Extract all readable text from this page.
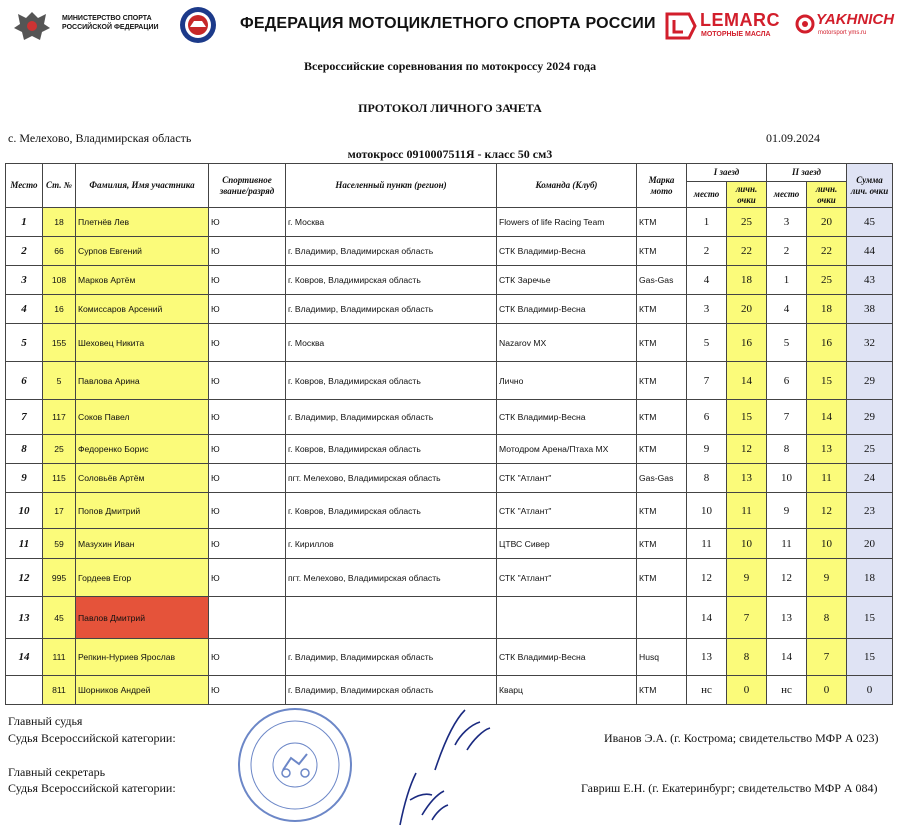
МИНИСТЕРСТВО СПОРТА РОССИЙСКОЙ ФЕДЕРАЦИИ	ФЕДЕРАЦИЯ МОТОЦИКЛЕТНОГО СПОРТА РОССИИ LEMARC
МОТОРНЫЕ МАСЛА
YAKHNICH
motorsport yms.ru
Всероссийские соревнования по мотокроссу 2024 года
ПРОТОКОЛ ЛИЧНОГО ЗАЧЕТА
с. Мелехово, Владимирская область	01.09.2024
мотокросс 0910007511Я - класс 50 см3
Место	Ст. №	Фамилия, Имя участника	Спортивное звание/разряд	Населенный пункт (регион)	Команда (Клуб)	Марка мото	I заезд		II заезд		Сумма лич. очки
							место	личн. очки	место	личн. очки	
1	18	Плетнёв Лев	Ю	г. Москва	Flowers of life Racing Team	КТМ	1	25	3	20	45
2	66	Сурпов Евгений	Ю	г. Владимир, Владимирская область	СТК Владимир-Весна	КТМ	2	22	2	22	44
3	108	Марков Артём	Ю	г. Ковров, Владимирская область	СТК Заречье	Gas-Gas	4	18	1	25	43
4	16	Комиссаров Арсений	Ю	г. Владимир, Владимирская область	СТК Владимир-Весна	КТМ	3	20	4	18	38
5	155	Шеховец Никита	Ю	г. Москва	Nazarov MX	КТМ	5	16	5	16	32
6	5	Павлова Арина	Ю	г. Ковров, Владимирская область	Лично	КТМ	7	14	6	15	29
7	117	Соков Павел	Ю	г. Владимир, Владимирская область	СТК Владимир-Весна	КТМ	6	15	7	14	29
8	25	Федоренко Борис	Ю	г. Ковров, Владимирская область	Мотодром Арена/Птаха МХ	КТМ	9	12	8	13	25
9	115	Соловьёв Артём	Ю	пгт. Мелехово, Владимирская область	СТК "Атлант"	Gas-Gas	8	13	10	11	24
10	17	Попов Дмитрий	Ю	г. Ковров, Владимирская область	СТК "Атлант"	КТМ	10	11	9	12	23
11	59	Мазухин Иван	Ю	г. Кириллов	ЦТВС Сивер	КТМ	11	10	11	10	20
12	995	Гордеев Егор	Ю	пгт. Мелехово, Владимирская область	СТК "Атлант"	КТМ	12	9	12	9	18
13	45	Павлов Дмитрий					14	7	13	8	15
14	111	Репкин-Нуриев Ярослав	Ю	г. Владимир, Владимирская область	СТК Владимир-Весна	Husq	13	8	14	7	15
	811	Шорников Андрей	Ю	г. Владимир, Владимирская область	Кварц	КТМ	нс	0	нс	0	0
Главный судья
Судья Всероссийской категории:	Иванов Э.А. (г. Кострома; свидетельство МФР А 023)
Главный секретарь
Судья Всероссийской категории:	Гавриш Е.Н. (г. Екатеринбург; свидетельство МФР А 084)
